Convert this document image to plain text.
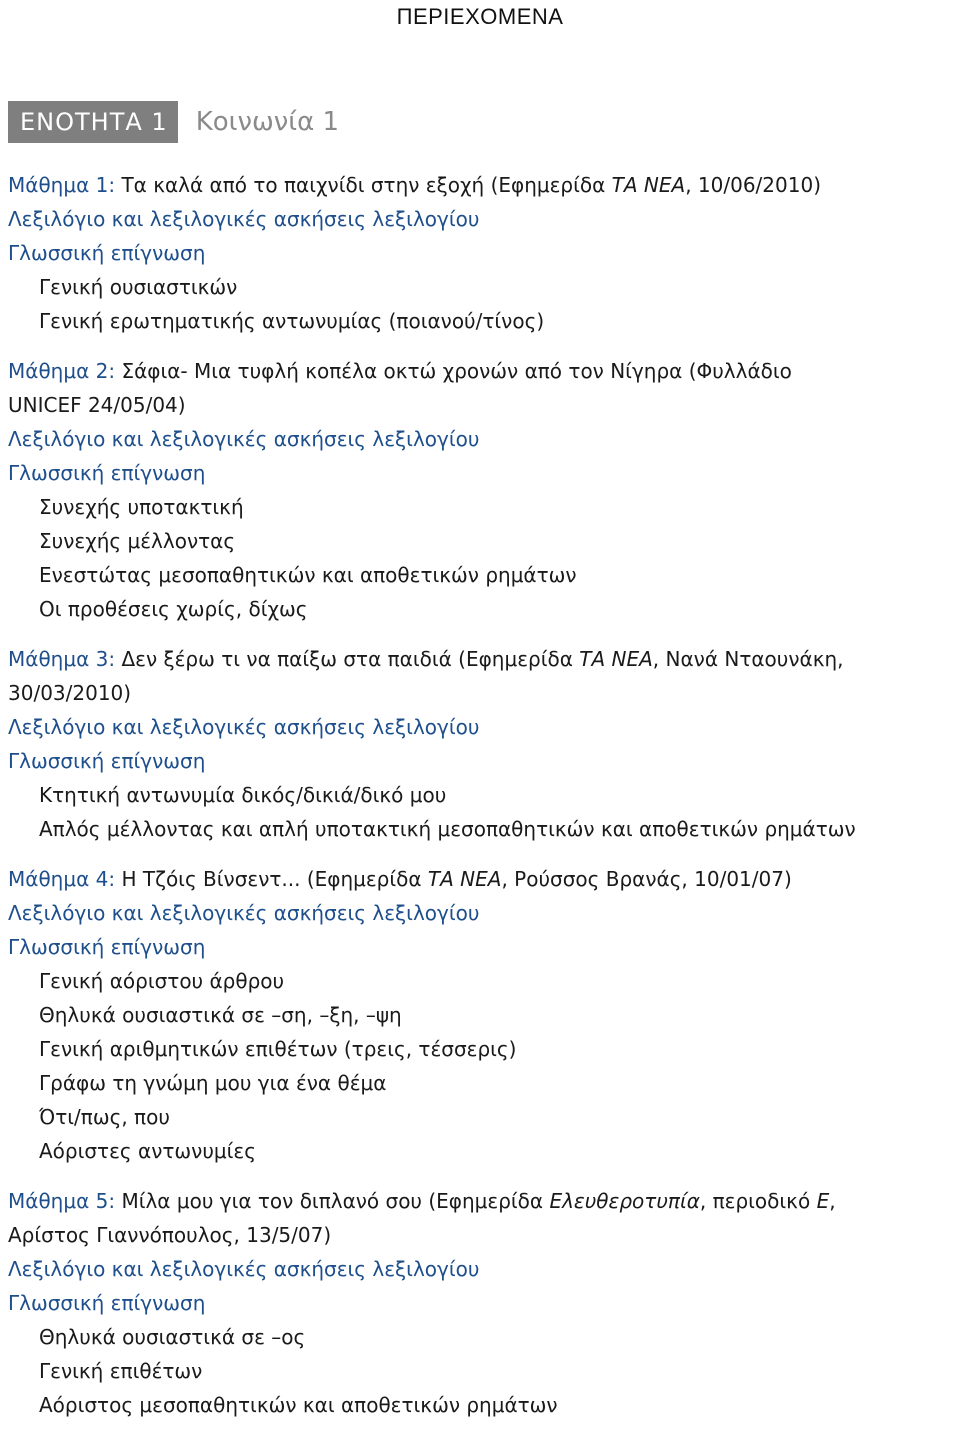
ΠΕΡΙΕΧΟΜΕΝΑ
ΕΝΟΤΗΤΑ 1	Κοινωνία 1
Μάθημα 1: Τα καλά από το παιχνίδι στην εξοχή (Εφημερίδα ΤΑ ΝΕΑ, 10/06/2010)
Λεξιλόγιο και λεξιλογικές ασκήσεις λεξιλογίου
Γλωσσική επίγνωση
Γενική ουσιαστικών
Γενική ερωτηματικής αντωνυμίας (ποιανού/τίνος)
Μάθημα 2: Σάφια- Μια τυφλή κοπέλα οκτώ χρονών από τον Νίγηρα (Φυλλάδιο
UNICEF 24/05/04)
Λεξιλόγιο και λεξιλογικές ασκήσεις λεξιλογίου
Γλωσσική επίγνωση
Συνεχής υποτακτική
Συνεχής μέλλοντας
Ενεστώτας μεσοπαθητικών και αποθετικών ρημάτων
Οι προθέσεις χωρίς, δίχως
Μάθημα 3: Δεν ξέρω τι να παίξω στα παιδιά (Εφημερίδα ΤΑ ΝΕΑ, Νανά Νταουνάκη,
30/03/2010)
Λεξιλόγιο και λεξιλογικές ασκήσεις λεξιλογίου
Γλωσσική επίγνωση
Κτητική αντωνυμία δικός/δικιά/δικό μου
Απλός μέλλοντας και απλή υποτακτική μεσοπαθητικών και αποθετικών ρημάτων
Μάθημα 4: Η Τζόις Βίνσεντ... (Εφημερίδα ΤΑ ΝΕΑ, Ρούσσος Βρανάς, 10/01/07)
Λεξιλόγιο και λεξιλογικές ασκήσεις λεξιλογίου
Γλωσσική επίγνωση
Γενική αόριστου άρθρου
Θηλυκά ουσιαστικά σε –ση, –ξη, –ψη
Γενική αριθμητικών επιθέτων (τρεις, τέσσερις)
Γράφω τη γνώμη μου για ένα θέμα
Ότι/πως, που
Αόριστες αντωνυμίες
Μάθημα 5: Μίλα μου για τον διπλανό σου (Εφημερίδα Ελευθεροτυπία, περιοδικό Ε,
Αρίστος Γιαννόπουλος, 13/5/07)
Λεξιλόγιο και λεξιλογικές ασκήσεις λεξιλογίου
Γλωσσική επίγνωση
Θηλυκά ουσιαστικά σε –ος
Γενική επιθέτων
Αόριστος μεσοπαθητικών και αποθετικών ρημάτων
